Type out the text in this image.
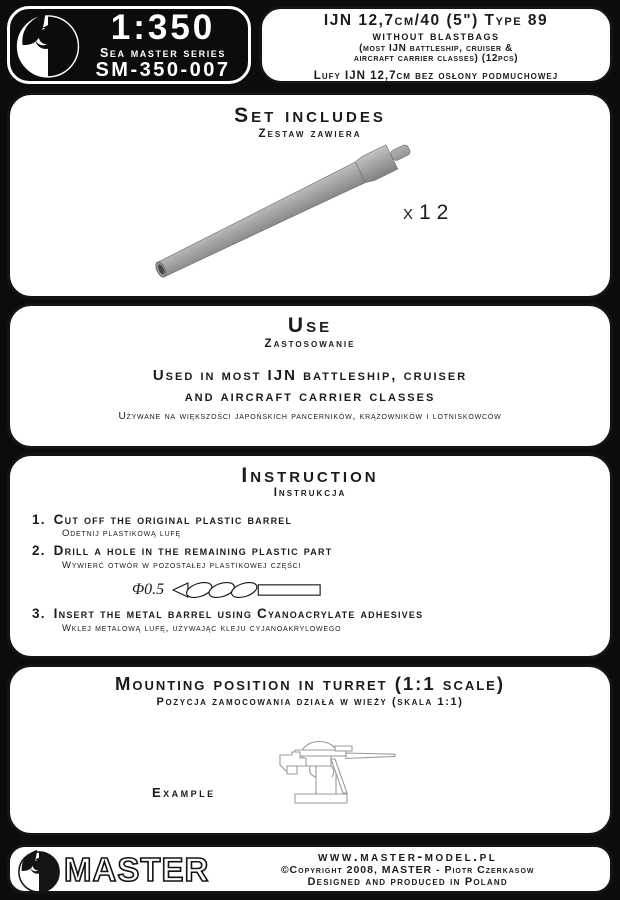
1:350
Sea master series
SM-350-007
IJN 12,7cm/40 (5") Type 89
without blastbags
(most IJN battleship, cruiser &
aircraft carrier classes) (12pcs)
Lufy IJN 12,7cm bez osłony podmuchowej
Set includes
Zestaw zawiera
x12
Use
Zastosowanie
Used in most IJN battleship, cruiser
and aircraft carrier classes
Używane na większości japońskich pancerników, krążowników i lotniskowców
Instruction
Instrukcja
1. Cut off the original plastic barrel
Odetnij plastikową lufę
2. Drill a hole in the remaining plastic part
Wywierć otwór w pozostałej plastikowej części
Φ0.5
3. Insert the metal barrel using Cyanoacrylate adhesives
Wklej metalową lufę, używając kleju cyjanoakrylowego
Mounting position in turret (1:1 scale)
Pozycja zamocowania działa w wieży (skala 1:1)
Example
MASTER	www.master-model.pl
©Copyright 2008, MASTER - Piotr Czerkasow
Designed and produced in Poland
